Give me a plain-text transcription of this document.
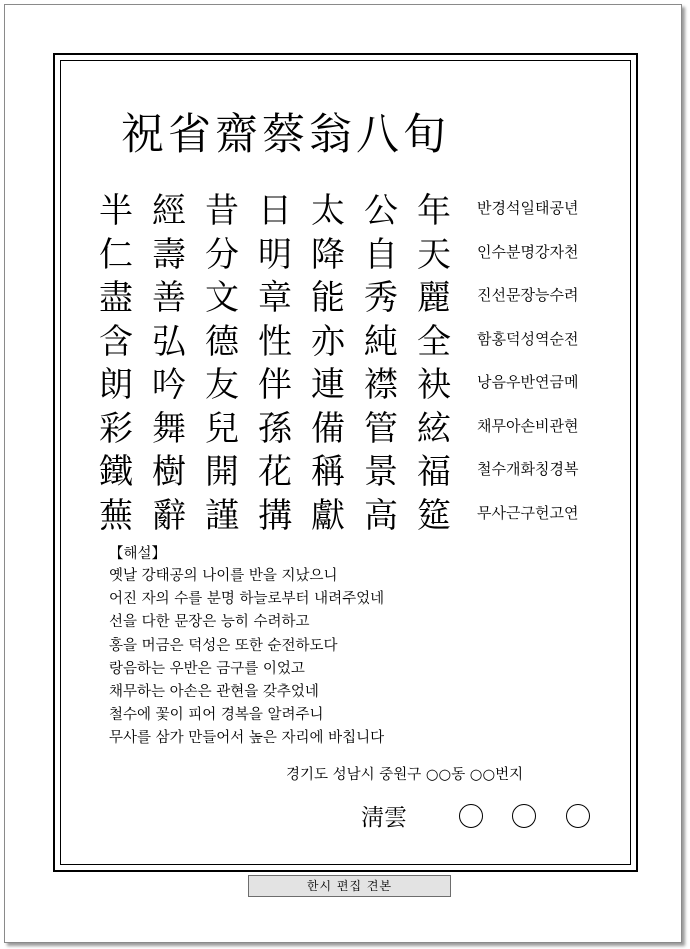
祝省齋蔡翁八旬
半經昔日太公年 반경석일태공년
仁壽分明降自天 인수분명강자천
盡善文章能秀麗 진선문장능수려
含弘德性亦純全 함홍덕성역순전
朗吟友伴連襟袂 낭음우반연금메
彩舞兒孫備管絃 채무아손비관현
鐵樹開花稱景福 철수개화칭경복
蕪辭謹搆獻高筵 무사근구헌고연
【해설】
옛날 강태공의 나이를 반을 지났으니
어진 자의 수를 분명 하늘로부터 내려주었네
선을 다한 문장은 능히 수려하고
홍을 머금은 덕성은 또한 순전하도다
랑음하는 우반은 금구를 이었고
채무하는 아손은 관현을 갖추었네
철수에 꽃이 피어 경복을 알려주니
무사를 삼가 만들어서 높은 자리에 바칩니다
경기도 성남시 중원구 ○○동 ○○번지
淸雲
한시 편집 견본
